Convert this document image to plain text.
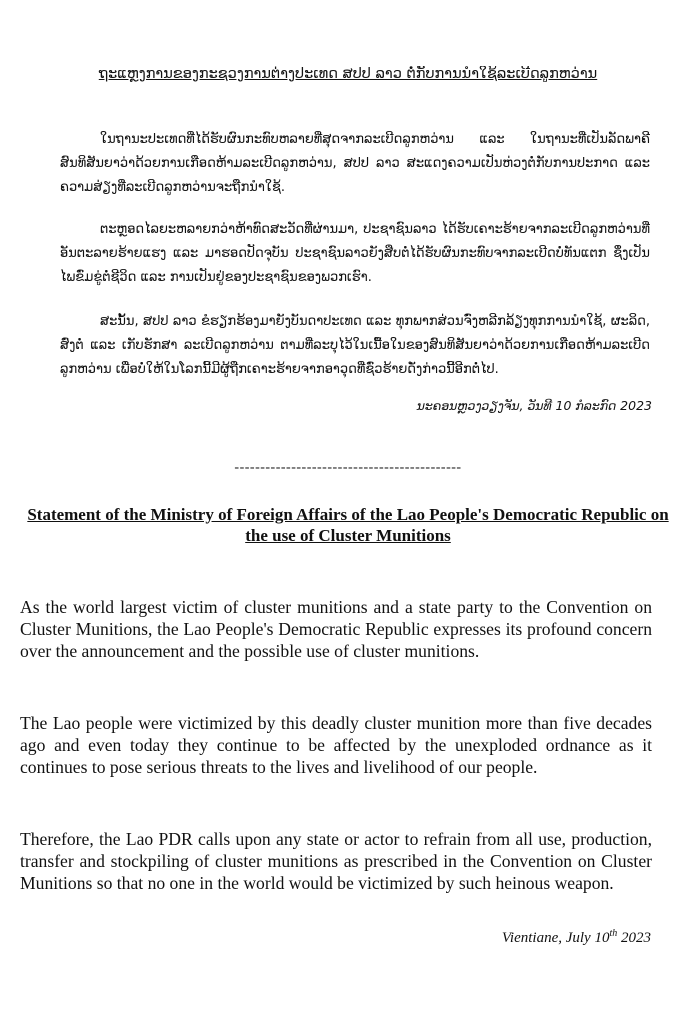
ຖະແຫຼງການຂອງກະຊວງການຕ່າງປະເທດ ສປປ ລາວ ຕໍ່ກັບການນຳໃຊ້ລະເບີດລູກຫວ່ານ

ໃນຖານະປະເທດທີ່ໄດ້ຮັບຜົນກະທົບຫລາຍທີ່ສຸດຈາກລະເບີດລູກຫວ່ານ ແລະ ໃນຖານະທີ່ເປັນລັດພາຄີສົນທິສັນຍາວ່າດ້ວຍການເກືອດຫ້າມລະເບີດລູກຫວ່ານ, ສປປ ລາວ ສະແດງຄວາມເປັນຫ່ວງຕໍ່ກັບການປະກາດ ແລະ ຄວາມສ່ຽງທີ່ລະເບີດລູກຫວ່ານຈະຖືກນຳໃຊ້.

ຕະຫຼອດໄລຍະຫລາຍກວ່າຫ້າທົດສະວັດທີ່ຜ່ານມາ, ປະຊາຊົນລາວ ໄດ້ຮັບເຄາະຮ້າຍຈາກລະເບີດລູກຫວ່ານທີ່ອັນຕະລາຍຮ້າຍແຮງ ແລະ ມາຮອດປັດຈຸບັນ ປະຊາຊົນລາວຍັງສືບຕໍ່ໄດ້ຮັບຜົນກະທົບຈາກລະເບີດບໍ່ທັນແຕກ ຊຶ່ງເປັນໄພຂົ່ມຂູ່ຕໍ່ຊີວິດ ແລະ ການເປັນຢູ່ຂອງປະຊາຊົນຂອງພວກເຮົາ.

ສະນັ້ນ, ສປປ ລາວ ຂໍຮຽກຮ້ອງມາຍັງບັນດາປະເທດ ແລະ ທຸກພາກສ່ວນຈົ່ງຫລີກລ້ຽງທຸກການນຳໃຊ້, ຜະລິດ, ສົ່ງຕໍ່ ແລະ ເກັບຮັກສາ ລະເບີດລູກຫວ່ານ ຕາມທີ່ລະບຸໄວ້ໃນເນື້ອໃນຂອງສົນທິສັນຍາວ່າດ້ວຍການເກືອດຫ້າມລະເບີດລູກຫວ່ານ ເພື່ອບໍ່ໃຫ້ໃນໂລກນີ້ມີຜູ້ຖືກເຄາະຮ້າຍຈາກອາວຸດທີ່ຊົ່ວຮ້າຍດັ່ງກ່າວນີ້ອີກຕໍ່ໄປ.

ນະຄອນຫຼວງວຽງຈັນ, ວັນທີ 10 ກໍລະກົດ 2023
--------------------------------------------
Statement of the Ministry of Foreign Affairs of the Lao People's Democratic Republic on the use of Cluster Munitions

As the world largest victim of cluster munitions and a state party to the Convention on Cluster Munitions, the Lao People's Democratic Republic expresses its profound concern over the announcement and the possible use of cluster munitions.

The Lao people were victimized by this deadly cluster munition more than five decades ago and even today they continue to be affected by the unexploded ordnance as it continues to pose serious threats to the lives and livelihood of our people.

Therefore, the Lao PDR calls upon any state or actor to refrain from all use, production, transfer and stockpiling of cluster munitions as prescribed in the Convention on Cluster Munitions so that no one in the world would be victimized by such heinous weapon.

Vientiane, July 10th 2023
